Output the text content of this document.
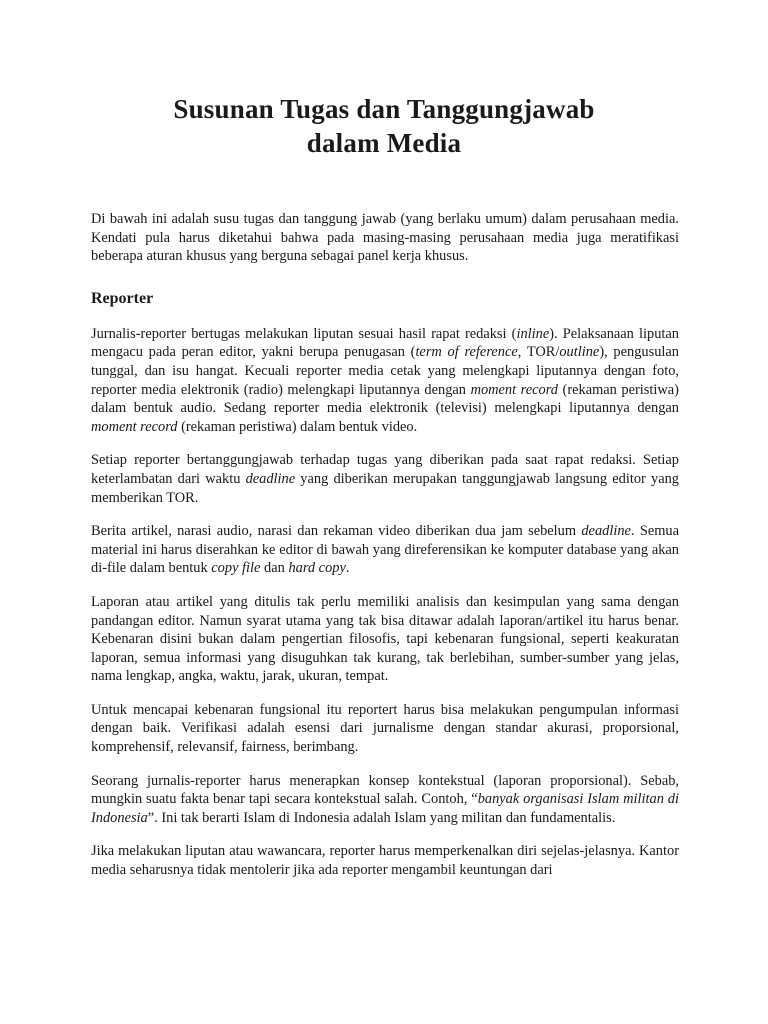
Susunan Tugas dan Tanggungjawab
dalam Media

Di bawah ini adalah susu tugas dan tanggung jawab (yang berlaku umum) dalam perusahaan media. Kendati pula harus diketahui bahwa pada masing-masing perusahaan media juga meratifikasi beberapa aturan khusus yang berguna sebagai panel kerja khusus.

Reporter

Jurnalis-reporter bertugas melakukan liputan sesuai hasil rapat redaksi (inline). Pelaksanaan liputan mengacu pada peran editor, yakni berupa penugasan (term of reference, TOR/outline), pengusulan tunggal, dan isu hangat. Kecuali reporter media cetak yang melengkapi liputannya dengan foto, reporter media elektronik (radio) melengkapi liputannya dengan moment record (rekaman peristiwa) dalam bentuk audio. Sedang reporter media elektronik (televisi) melengkapi liputannya dengan moment record (rekaman peristiwa) dalam bentuk video.

Setiap reporter bertanggungjawab terhadap tugas yang diberikan pada saat rapat redaksi. Setiap keterlambatan dari waktu deadline yang diberikan merupakan tanggungjawab langsung editor yang memberikan TOR.

Berita artikel, narasi audio, narasi dan rekaman video diberikan dua jam sebelum deadline. Semua material ini harus diserahkan ke editor di bawah yang direferensikan ke komputer database yang akan di-file dalam bentuk copy file dan hard copy.

Laporan atau artikel yang ditulis tak perlu memiliki analisis dan kesimpulan yang sama dengan pandangan editor. Namun syarat utama yang tak bisa ditawar adalah laporan/artikel itu harus benar. Kebenaran disini bukan dalam pengertian filosofis, tapi kebenaran fungsional, seperti keakuratan laporan, semua informasi yang disuguhkan tak kurang, tak berlebihan, sumber-sumber yang jelas, nama lengkap, angka, waktu, jarak, ukuran, tempat.

Untuk mencapai kebenaran fungsional itu reportert harus bisa melakukan pengumpulan informasi dengan baik. Verifikasi adalah esensi dari jurnalisme dengan standar akurasi, proporsional, komprehensif, relevansif, fairness, berimbang.

Seorang jurnalis-reporter harus menerapkan konsep kontekstual (laporan proporsional). Sebab, mungkin suatu fakta benar tapi secara kontekstual salah. Contoh, “banyak organisasi Islam militan di Indonesia”. Ini tak berarti Islam di Indonesia adalah Islam yang militan dan fundamentalis.

Jika melakukan liputan atau wawancara, reporter harus memperkenalkan diri sejelas-jelasnya. Kantor media seharusnya tidak mentolerir jika ada reporter mengambil keuntungan dari
